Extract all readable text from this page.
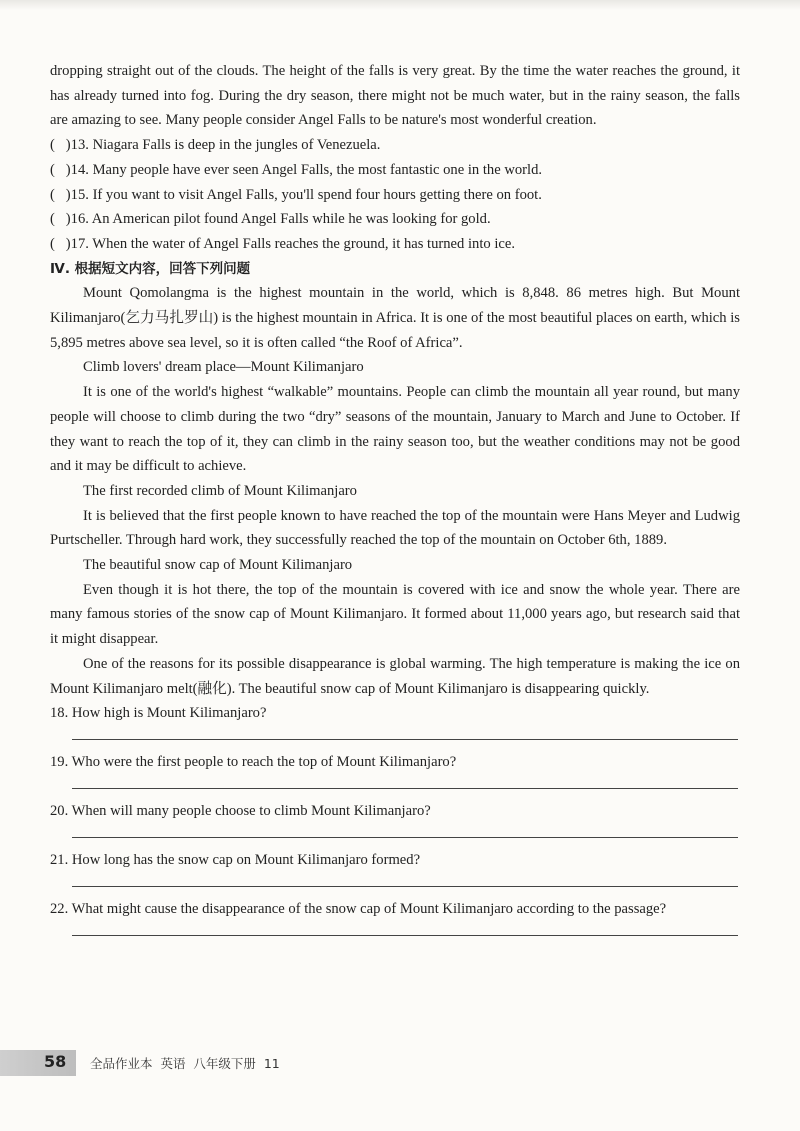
dropping straight out of the clouds. The height of the falls is very great. By the time the water reaches the ground, it has already turned into fog. During the dry season, there might not be much water, but in the rainy season, the falls are amazing to see. Many people consider Angel Falls to be nature's most wonderful creation.
(   ) 13. Niagara Falls is deep in the jungles of Venezuela.
(   ) 14. Many people have ever seen Angel Falls, the most fantastic one in the world.
(   ) 15. If you want to visit Angel Falls, you'll spend four hours getting there on foot.
(   ) 16. An American pilot found Angel Falls while he was looking for gold.
(   ) 17. When the water of Angel Falls reaches the ground, it has turned into ice.
Ⅳ. 根据短文内容，回答下列问题
Mount Qomolangma is the highest mountain in the world, which is 8,848. 86 metres high. But Mount Kilimanjaro(乞力马扎罗山) is the highest mountain in Africa. It is one of the most beautiful places on earth, which is 5,895 metres above sea level, so it is often called “the Roof of Africa”.
Climb lovers' dream place—Mount Kilimanjaro
It is one of the world's highest “walkable” mountains. People can climb the mountain all year round, but many people will choose to climb during the two “dry” seasons of the mountain, January to March and June to October. If they want to reach the top of it, they can climb in the rainy season too, but the weather conditions may not be good and it may be difficult to achieve.
The first recorded climb of Mount Kilimanjaro
It is believed that the first people known to have reached the top of the mountain were Hans Meyer and Ludwig Purtscheller. Through hard work, they successfully reached the top of the mountain on October 6th, 1889.
The beautiful snow cap of Mount Kilimanjaro
Even though it is hot there, the top of the mountain is covered with ice and snow the whole year. There are many famous stories of the snow cap of Mount Kilimanjaro. It formed about 11,000 years ago, but research said that it might disappear.
One of the reasons for its possible disappearance is global warming. The high temperature is making the ice on Mount Kilimanjaro melt(融化). The beautiful snow cap of Mount Kilimanjaro is disappearing quickly.
18. How high is Mount Kilimanjaro?
19. Who were the first people to reach the top of Mount Kilimanjaro?
20. When will many people choose to climb Mount Kilimanjaro?
21. How long has the snow cap on Mount Kilimanjaro formed?
22. What might cause the disappearance of the snow cap of Mount Kilimanjaro according to the passage?
58 全品作业本  英语  八年级下册  11
